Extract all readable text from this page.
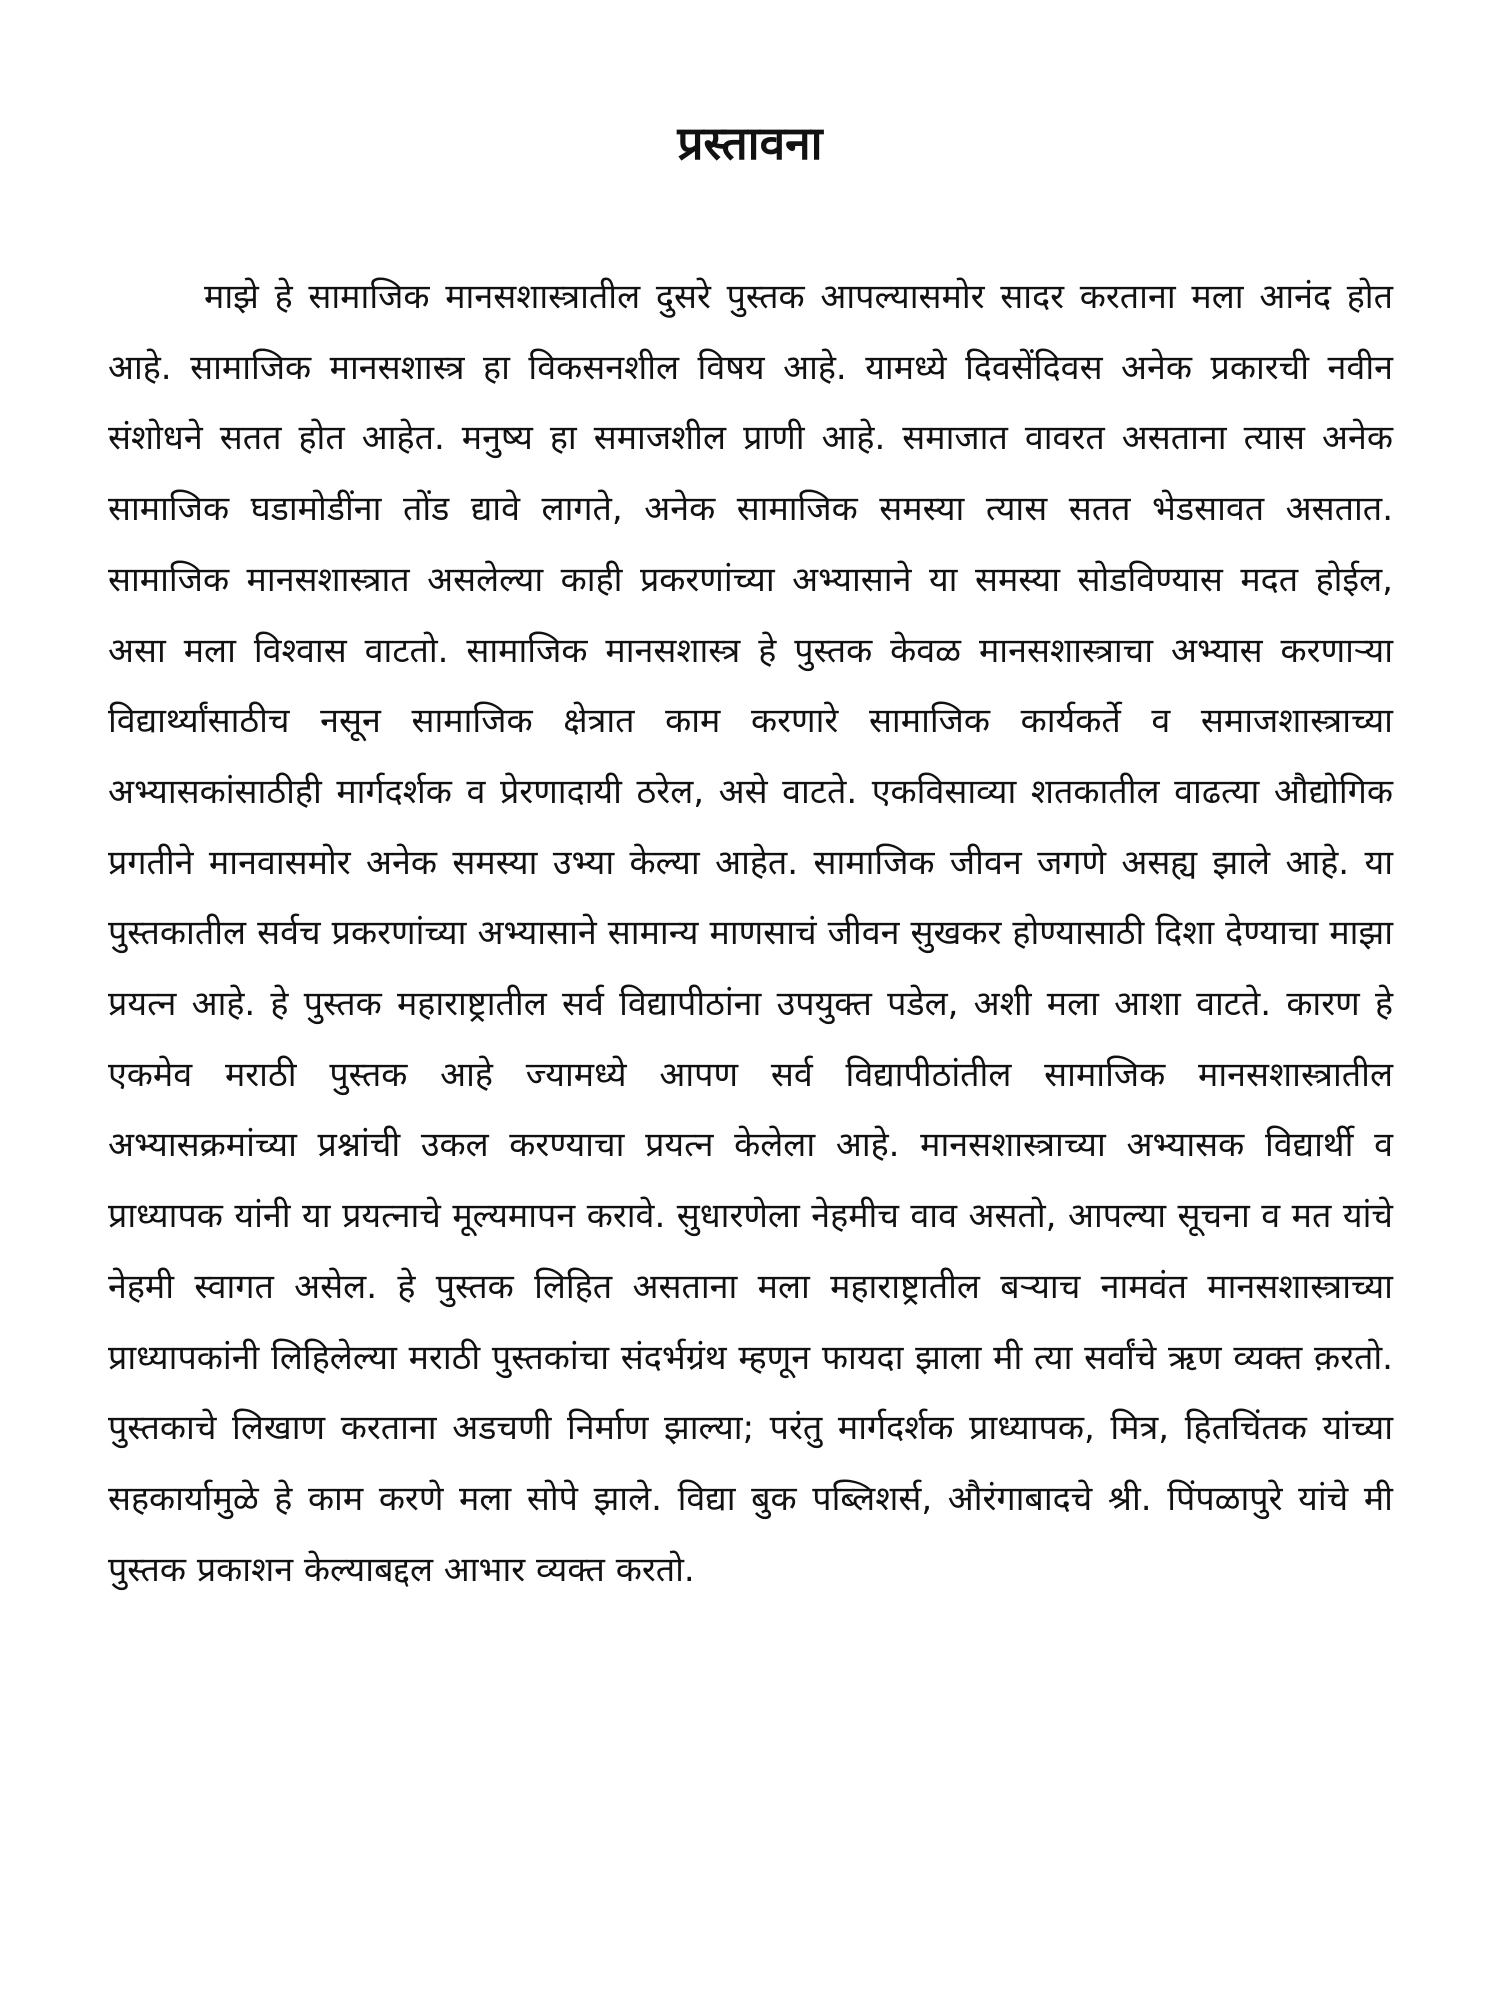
प्रस्तावना

माझे हे सामाजिक मानसशास्त्रातील दुसरे पुस्तक आपल्यासमोर सादर करताना मला आनंद होत आहे. सामाजिक मानसशास्त्र हा विकसनशील विषय आहे. यामध्ये दिवसेंदिवस अनेक प्रकारची नवीन संशोधने सतत होत आहेत. मनुष्य हा समाजशील प्राणी आहे. समाजात वावरत असताना त्यास अनेक सामाजिक घडामोडींना तोंड द्यावे लागते, अनेक सामाजिक समस्या त्यास सतत भेडसावत असतात. सामाजिक मानसशास्त्रात असलेल्या काही प्रकरणांच्या अभ्यासाने या समस्या सोडविण्यास मदत होईल, असा मला विश्वास वाटतो. सामाजिक मानसशास्त्र हे पुस्तक केवळ मानसशास्त्राचा अभ्यास करणाऱ्या विद्यार्थ्यांसाठीच नसून सामाजिक क्षेत्रात काम करणारे सामाजिक कार्यकर्ते व समाजशास्त्राच्या अभ्यासकांसाठीही मार्गदर्शक व प्रेरणादायी ठरेल, असे वाटते. एकविसाव्या शतकातील वाढत्या औद्योगिक प्रगतीने मानवासमोर अनेक समस्या उभ्या केल्या आहेत. सामाजिक जीवन जगणे असह्य झाले आहे. या पुस्तकातील सर्वच प्रकरणांच्या अभ्यासाने सामान्य माणसाचं जीवन सुखकर होण्यासाठी दिशा देण्याचा माझा प्रयत्न आहे. हे पुस्तक महाराष्ट्रातील सर्व विद्यापीठांना उपयुक्त पडेल, अशी मला आशा वाटते. कारण हे एकमेव मराठी पुस्तक आहे ज्यामध्ये आपण सर्व विद्यापीठांतील सामाजिक मानसशास्त्रातील अभ्यासक्रमांच्या प्रश्नांची उकल करण्याचा प्रयत्न केलेला आहे. मानसशास्त्राच्या अभ्यासक विद्यार्थी व प्राध्यापक यांनी या प्रयत्नाचे मूल्यमापन करावे. सुधारणेला नेहमीच वाव असतो, आपल्या सूचना व मत यांचे नेहमी स्वागत असेल. हे पुस्तक लिहित असताना मला महाराष्ट्रातील बऱ्याच नामवंत मानसशास्त्राच्या प्राध्यापकांनी लिहिलेल्या मराठी पुस्तकांचा संदर्भग्रंथ म्हणून फायदा झाला मी त्या सर्वांचे ऋण व्यक्त क़रतो. पुस्तकाचे लिखाण करताना अडचणी निर्माण झाल्या; परंतु मार्गदर्शक प्राध्यापक, मित्र, हितचिंतक यांच्या सहकार्यामुळे हे काम करणे मला सोपे झाले. विद्या बुक पब्लिशर्स, औरंगाबादचे श्री. पिंपळापुरे यांचे मी पुस्तक प्रकाशन केल्याबद्दल आभार व्यक्त करतो.
